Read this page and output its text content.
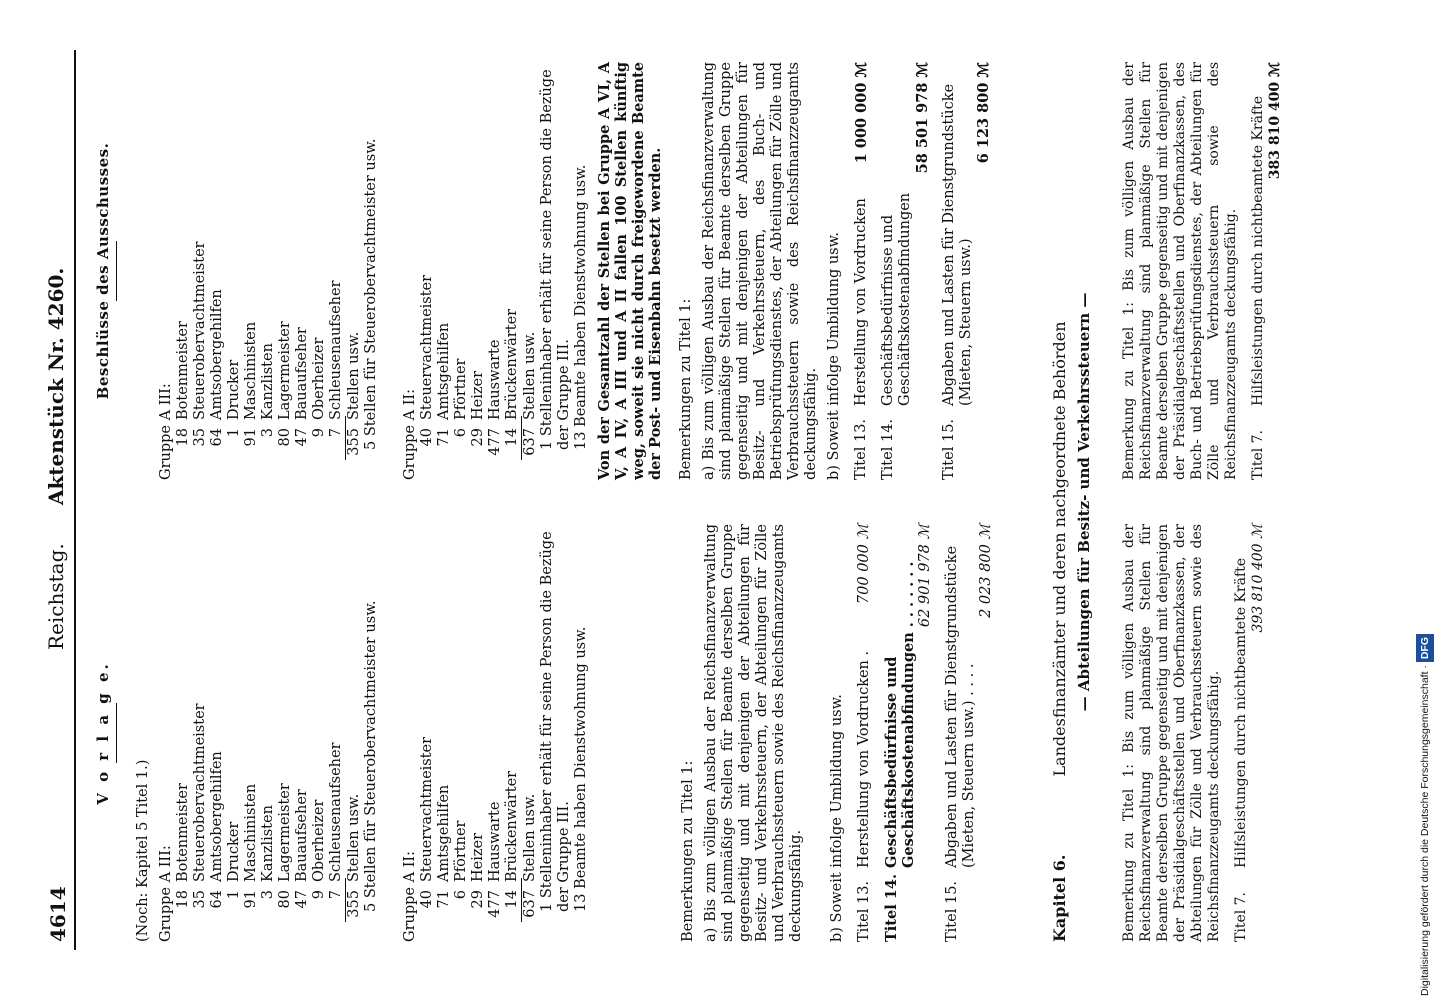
4614
Reichstag.      Aktenstück Nr. 4260.
V o r l a g e.
(Noch: Kapitel 5 Titel 1.) Gruppe A III: 18
Botenmeister
35
Steuerobervachtmeister
64
Amtsobergehilfen
1
Drucker
91
Maschinisten
3
Kanzlisten
80
Lagermeister
47
Bauaufseher
9
Oberheizer
7
Schleusenaufseher
355
Stellen usw. 5 Stellen für Steuerobervachtmeister usw. Gruppe A II: 40
Steuervachtmeister
71
Amtsgehilfen
6
Pförtner
29
Heizer
477
Hauswarte
14
Brückenwärter
637
Stellen usw. 1 Stelleninhaber erhält für seine Person die Bezüge der Gruppe III. 13 Beamte haben Dienstwohnung usw.	Bemerkungen zu Titel 1: a) Bis zum völligen Ausbau der Reichsfinanzverwaltung sind planmäßige Stellen für Beamte derselben Gruppe gegenseitig und mit denjenigen der Abteilungen für Besitz- und Verkehrssteuern, der Abteilungen für Zölle und Verbrauchssteuern sowie des Reichsfinanzzeugamts deckungsfähig. b) Soweit infolge Umbildung usw. Titel 13.
Herstellung von Vordrucken .
700 000 ℳ
Titel 14.
Geschäftsbedürfnisse und Geschäftskostenabfindungen . . . . . . . 62 901 978 ℳ
Titel 15.
Abgaben und Lasten für Dienstgrundstücke (Mieten, Steuern usw.) . . . .
2 023 800 ℳ
Beschlüsse des Ausschusses.
Gruppe A III: 18
Botenmeister
35
Steuerobervachtmeister
64
Amtsobergehilfen
1
Drucker
91
Maschinisten
3
Kanzlisten
80
Lagermeister
47
Bauaufseher
9
Oberheizer
7
Schleusenaufseher
355
Stellen usw. 5 Stellen für Steuerobervachtmeister usw. Gruppe A II: 40
Steuervachtmeister
71
Amtsgehilfen
6
Pförtner
29
Heizer
477
Hauswarte
14
Brückenwärter
637
Stellen usw. 1 Stelleninhaber erhält für seine Person die Bezüge der Gruppe III. 13 Beamte haben Dienstwohnung usw. Von der Gesamtzahl der Stellen bei Gruppe A VI, A V, A IV, A III und A II fallen 100 Stellen künftig weg, soweit sie nicht durch freigewordene Beamte der Post- und Eisenbahn besetzt werden. Bemerkungen zu Titel 1: a) Bis zum völligen Ausbau der Reichsfinanzverwaltung sind planmäßige Stellen für Beamte derselben Gruppe gegenseitig und mit denjenigen der Abteilungen für Besitz- und Verkehrssteuern, des Buch- und Betriebsprüfungsdienstes, der Abteilungen für Zölle und Verbrauchssteuern sowie des Reichsfinanzzeugamts deckungsfähig. b) Soweit infolge Umbildung usw. Titel 13.
Herstellung von Vordrucken
1 000 000 ℳ
Titel 14.
Geschäftsbedürfnisse und Geschäftskostenabfindungen
58 501 978 ℳ
Titel 15.
Abgaben und Lasten für Dienstgrundstücke (Mieten, Steuern usw.)
6 123 800 ℳ
Kapitel 6.              Landesfinanzämter und deren nachgeordnete Behörden — Abteilungen für Besitz- und Verkehrssteuern —
Bemerkung zu Titel 1: Bis zum völligen Ausbau der Reichsfinanzverwaltung sind planmäßige Stellen für Beamte derselben Gruppe gegenseitig und mit denjenigen der Präsidialgeschäftsstellen und Oberfinanzkassen, der Abteilungen für Zölle und Verbrauchssteuern sowie des Reichsfinanzzeugamts deckungsfähig. Titel 7.
Hilfsleistungen durch nichtbeamtete Kräfte 393 810 400 ℳ
Bemerkung zu Titel 1: Bis zum völligen Ausbau der Reichsfinanzverwaltung sind planmäßige Stellen für Beamte derselben Gruppe gegenseitig und mit denjenigen der Präsidialgeschäftsstellen und Oberfinanzkassen, des Buch- und Betriebsprüfungsdienstes, der Abteilungen für Zölle und Verbrauchssteuern sowie des Reichsfinanzzeugamts deckungsfähig. Titel 7.
Hilfsleistungen durch nichtbeamtete Kräfte 383 810 400 ℳ
Digitalisierung gefördert durch die Deutsche Forschungsgemeinschaft · DFG
